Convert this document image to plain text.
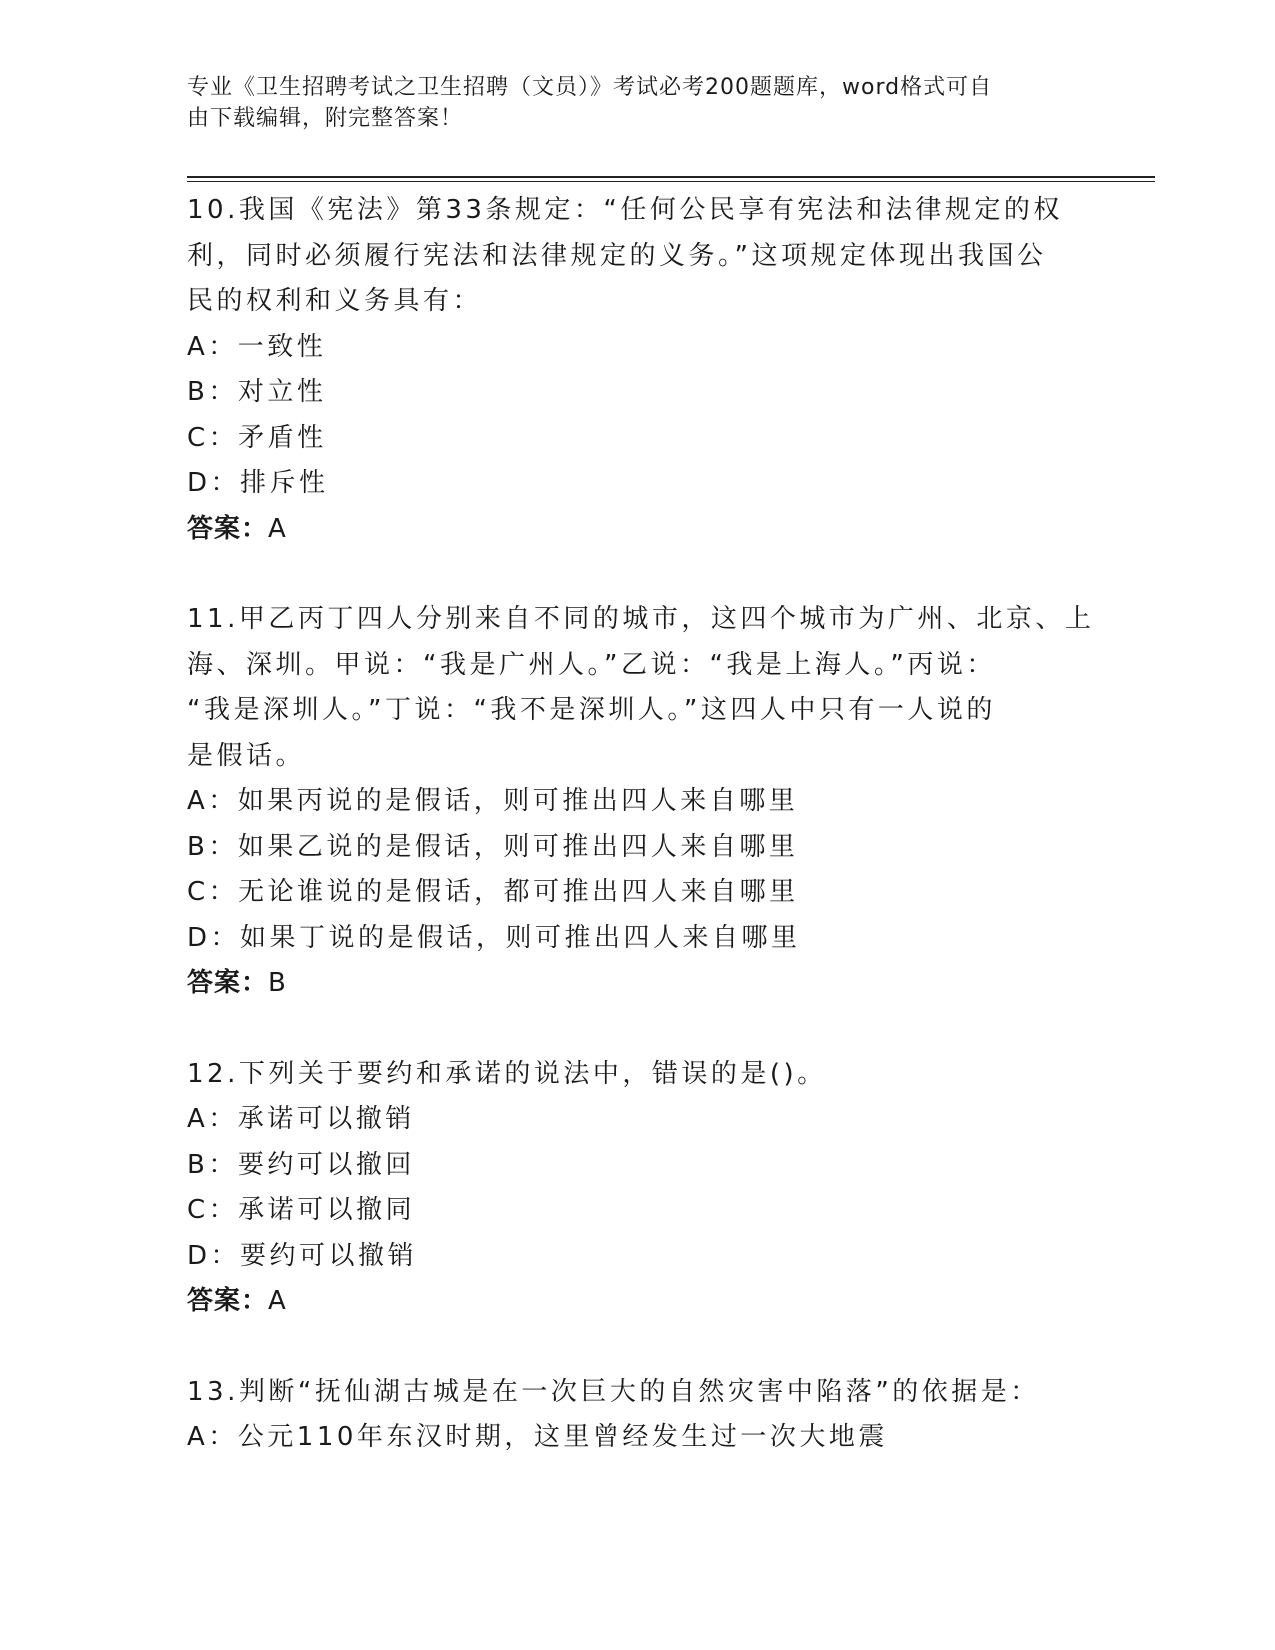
专业《卫生招聘考试之卫生招聘（文员）》考试必考200题题库，word格式可自
由下载编辑，附完整答案！
10.我国《宪法》第33条规定：“任何公民享有宪法和法律规定的权
利，同时必须履行宪法和法律规定的义务。”这项规定体现出我国公
民的权利和义务具有：
A：一致性
B：对立性
C：矛盾性
D：排斥性
答案：A
11.甲乙丙丁四人分别来自不同的城市，这四个城市为广州、北京、上
海、深圳。甲说：“我是广州人。”乙说：“我是上海人。”丙说：
“我是深圳人。”丁说：“我不是深圳人。”这四人中只有一人说的
是假话。
A：如果丙说的是假话，则可推出四人来自哪里
B：如果乙说的是假话，则可推出四人来自哪里
C：无论谁说的是假话，都可推出四人来自哪里
D：如果丁说的是假话，则可推出四人来自哪里
答案：B
12.下列关于要约和承诺的说法中，错误的是()。
A：承诺可以撤销
B：要约可以撤回
C：承诺可以撤同
D：要约可以撤销
答案：A
13.判断“抚仙湖古城是在一次巨大的自然灾害中陷落”的依据是：
A：公元110年东汉时期，这里曾经发生过一次大地震
